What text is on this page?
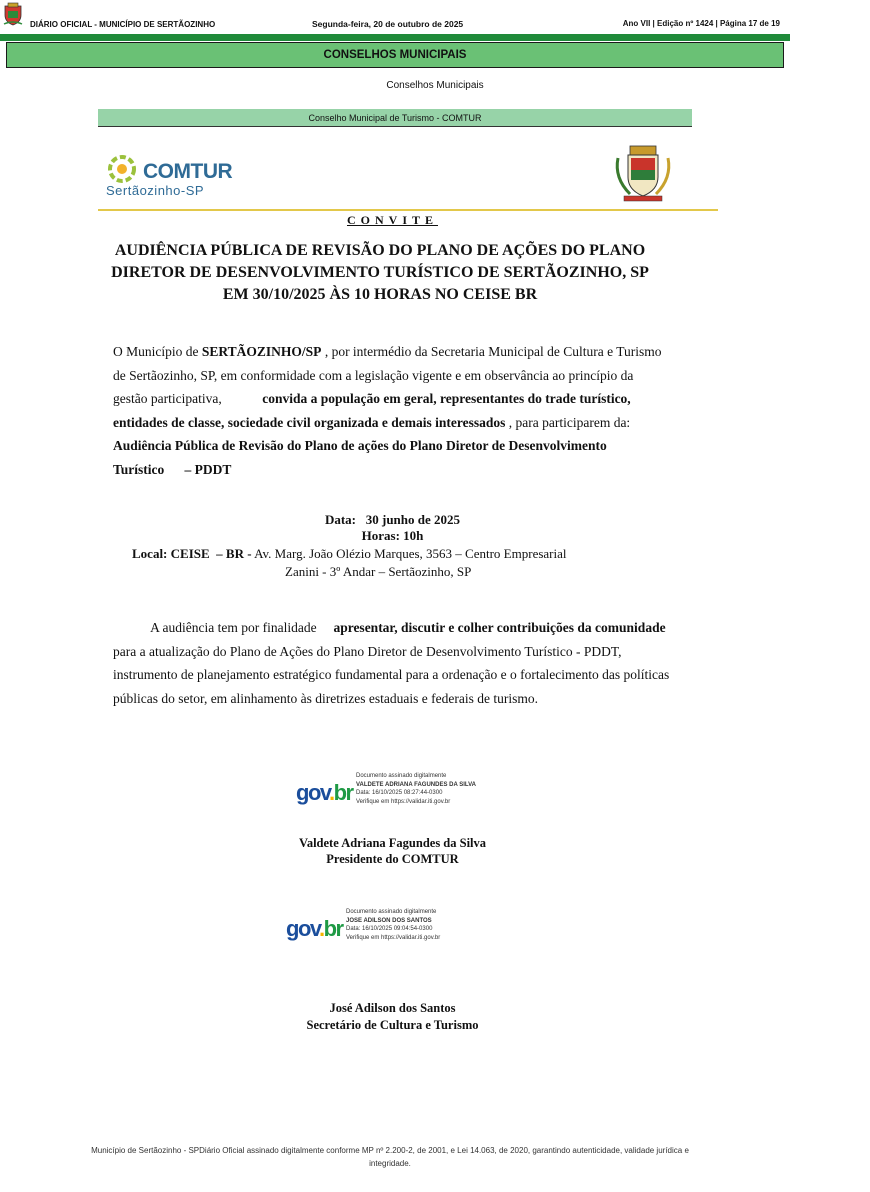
DIÁRIO OFICIAL - MUNICÍPIO DE SERTÃOZINHO	Segunda-feira, 20 de outubro de 2025	Ano VII | Edição nº 1424 | Página 17 de 19
CONSELHOS MUNICIPAIS
Conselhos Municipais
Conselho Municipal de Turismo - COMTUR
COMTUR
Sertãozinho-SP
CONVITE
AUDIÊNCIA PÚBLICA DE REVISÃO DO PLANO DE AÇÕES DO PLANO DIRETOR DE DESENVOLVIMENTO TURÍSTICO DE SERTÃOZINHO, SP EM 30/10/2025 ÀS 10 HORAS NO CEISE BR
O Município de SERTÃOZINHO/SP , por intermédio da Secretaria Municipal de Cultura e Turismo de Sertãozinho, SP, em conformidade com a legislação vigente e em observância ao princípio da gestão participativa,	convida a população em geral, representantes do trade turístico, entidades de classe, sociedade civil organizada e demais interessados , para participarem da: Audiência Pública de Revisão do Plano de ações do Plano Diretor de Desenvolvimento Turístico – PDDT
Data:   30 junho de 2025
Horas: 10h
Local: CEISE  – BR - Av. Marg. João Olézio Marques, 3563 – Centro Empresarial
Zanini - 3º Andar – Sertãozinho, SP
A audiência tem por finalidade     apresentar, discutir e colher contribuições da comunidade para a atualização do Plano de Ações do Plano Diretor de Desenvolvimento Turístico - PDDT, instrumento de planejamento estratégico fundamental para a ordenação e o fortalecimento das políticas públicas do setor, em alinhamento às diretrizes estaduais e federais de turismo.
gov.br
Documento assinado digitalmente
VALDETE ADRIANA FAGUNDES DA SILVA
Data: 16/10/2025 08:27:44-0300
Verifique em https://validar.iti.gov.br
Valdete Adriana Fagundes da Silva
Presidente do COMTUR
gov.br
Documento assinado digitalmente
JOSE ADILSON DOS SANTOS
Data: 16/10/2025 09:04:54-0300
Verifique em https://validar.iti.gov.br
José Adilson dos Santos
Secretário de Cultura e Turismo
Município de Sertãozinho - SPDiário Oficial assinado digitalmente conforme MP nº 2.200-2, de 2001, e Lei 14.063, de 2020, garantindo autenticidade, validade jurídica e integridade.
